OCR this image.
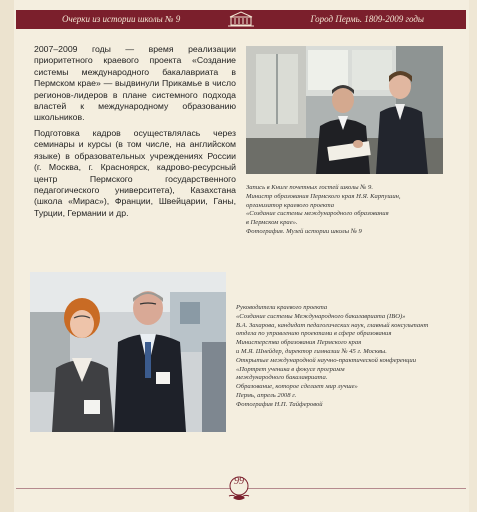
Очерки из истории школы № 9	Город Пермь. 1809-2009 годы
2007–2009 годы — время реализации приоритетного краевого проекта «Создание системы международного бакалавриата в Пермском крае» — выдвинули Прикамье в число регионов-лидеров в плане системного подхода властей к международному образованию школьников.
Подготовка кадров осуществлялась через семинары и курсы (в том числе, на английском языке) в образовательных учреждениях России (г. Москва, г. Красноярск, кадрово-ресурсный центр Пермского государственного педагогического университета), Казахстана (школа «Мирас»), Франции, Швейцарии, Ганы, Турции, Германии и др.
Запись в Книге почетных гостей школы № 9.
Министр образования Пермского края Н.Я. Карпушин,
организатор краевого проекта
«Создание системы международного образования
в Пермском крае».
Фотография. Музей истории школы № 9
Руководители краевого проекта
«Создание системы Международного бакалавриата (IBO)»
В.А. Захарова, кандидат педагогических наук, главный консультант
отдела по управлению проектами в сфере образования
Министерства образования Пермского края
и М.Я. Шнейдер, директор гимназии № 45 г. Москвы.
Открытые международной научно-практической конференции
«Портрет ученика в фокусе программ
международного бакалавриата.
Образование, которое сделает мир лучше»
Пермь, апрель 2008 г.
Фотография Н.П. Тайферовой
99
